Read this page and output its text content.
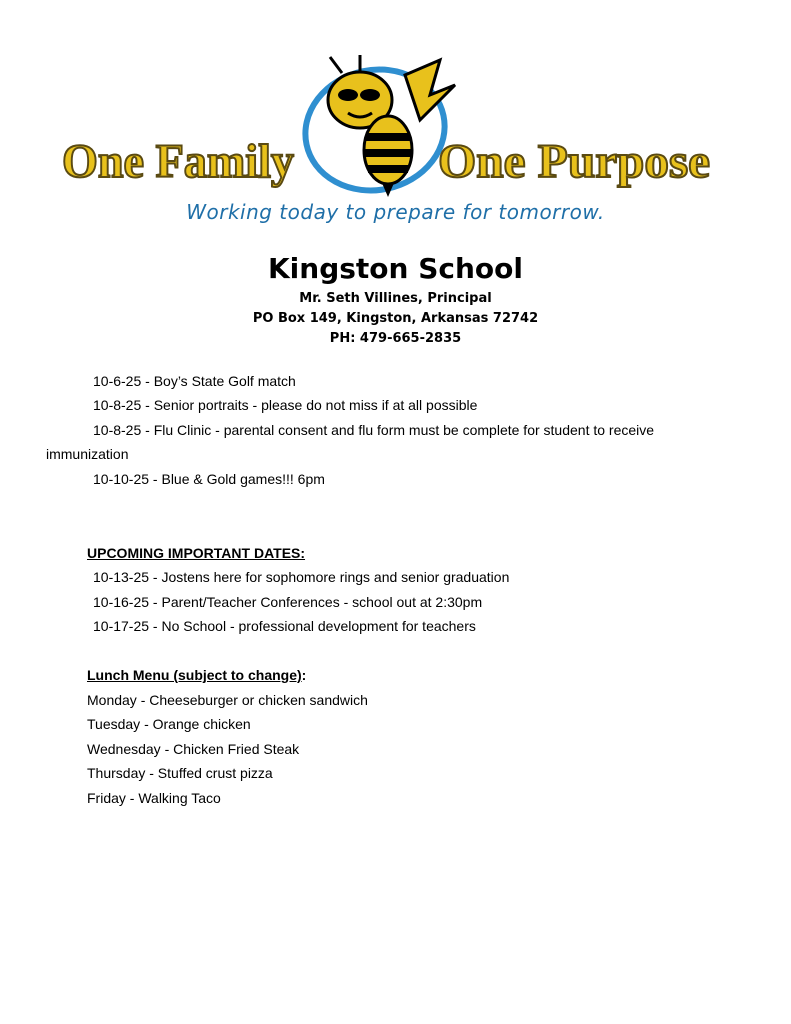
One Family	One Purpose
Working today to prepare for tomorrow.
Kingston School
Mr. Seth Villines, Principal
PO Box 149, Kingston, Arkansas 72742
PH: 479-665-2835
10-6-25 - Boy’s State Golf match
10-8-25 - Senior portraits - please do not miss if at all possible
10-8-25 - Flu Clinic - parental consent and flu form must be complete for student to receive
immunization
10-10-25 - Blue & Gold games!!! 6pm
UPCOMING IMPORTANT DATES:
10-13-25 - Jostens here for sophomore rings and senior graduation
10-16-25 - Parent/Teacher Conferences - school out at 2:30pm
10-17-25 - No School - professional development for teachers
Lunch Menu (subject to change):
Monday - Cheeseburger or chicken sandwich
Tuesday - Orange chicken
Wednesday - Chicken Fried Steak
Thursday - Stuffed crust pizza
Friday - Walking Taco
